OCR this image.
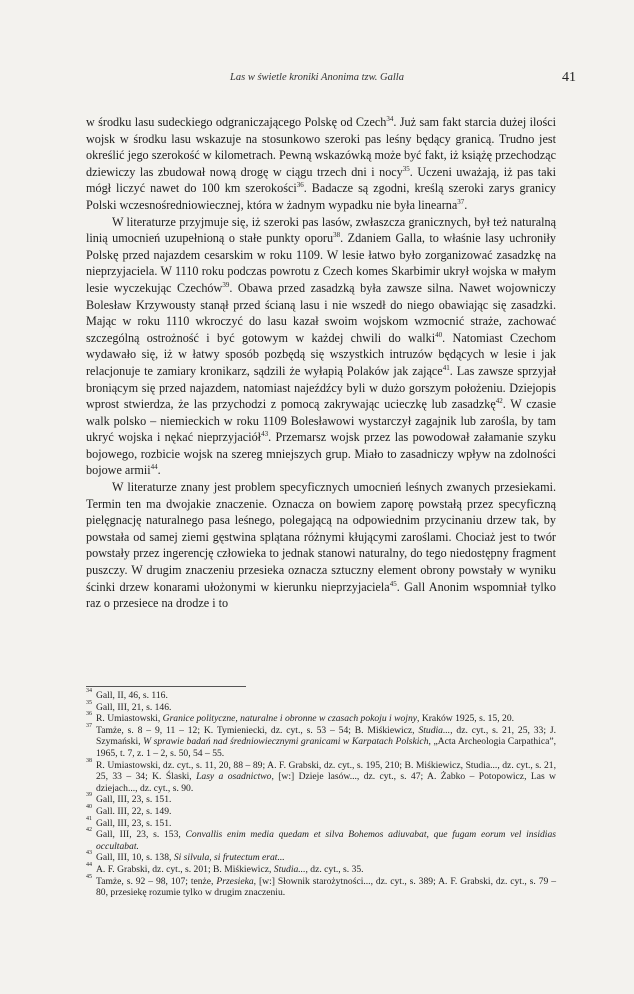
Las w świetle kroniki Anonima tzw. Galla	41

w środku lasu sudeckiego odgraniczającego Polskę od Czech$^{34}$. Już sam fakt starcia dużej ilości wojsk w środku lasu wskazuje na stosunkowo szeroki pas leśny będący granicą. Trudno jest określić jego szerokość w kilometrach. Pewną wskazówką może być fakt, iż książę przechodząc dziewiczy las zbudował nową drogę w ciągu trzech dni i nocy$^{35}$. Uczeni uważają, iż pas taki mógł liczyć nawet do 100 km szerokości$^{36}$. Badacze są zgodni, kreślą szeroki zarys granicy Polski wczesnośredniowiecznej, która w żadnym wypadku nie była linearna$^{37}$.

W literaturze przyjmuje się, iż szeroki pas lasów, zwłaszcza granicznych, był też naturalną linią umocnień uzupełnioną o stałe punkty oporu$^{38}$. Zdaniem Galla, to właśnie lasy uchroniły Polskę przed najazdem cesarskim w roku 1109. W lesie łatwo było zorganizować zasadzkę na nieprzyjaciela. W 1110 roku podczas powrotu z Czech komes Skarbimir ukrył wojska w małym lesie wyczekując Czechów$^{39}$. Obawa przed zasadzką była zawsze silna. Nawet wojowniczy Bolesław Krzywousty stanął przed ścianą lasu i nie wszedł do niego obawiając się zasadzki. Mając w roku 1110 wkroczyć do lasu kazał swoim wojskom wzmocnić straże, zachować szczególną ostrożność i być gotowym w każdej chwili do walki$^{40}$. Natomiast Czechom wydawało się, iż w łatwy sposób pozbędą się wszystkich intruzów będących w lesie i jak relacjonuje te zamiary kronikarz, sądzili że wyłapią Polaków jak zające$^{41}$. Las zawsze sprzyjał broniącym się przed najazdem, natomiast najeźdźcy byli w dużo gorszym położeniu. Dziejopis wprost stwierdza, że las przychodzi z pomocą zakrywając ucieczkę lub zasadzkę$^{42}$. W czasie walk polsko – niemieckich w roku 1109 Bolesławowi wystarczył zagajnik lub zarośla, by tam ukryć wojska i nękać nieprzyjaciół$^{43}$. Przemarsz wojsk przez las powodował załamanie szyku bojowego, rozbicie wojsk na szereg mniejszych grup. Miało to zasadniczy wpływ na zdolności bojowe armii$^{44}$.

W literaturze znany jest problem specyficznych umocnień leśnych zwanych przesiekami. Termin ten ma dwojakie znaczenie. Oznacza on bowiem zaporę powstałą przez specyficzną pielęgnację naturalnego pasa leśnego, polegającą na odpowiednim przycinaniu drzew tak, by powstała od samej ziemi gęstwina splątana różnymi kłującymi zaroślami. Chociaż jest to twór powstały przez ingerencję człowieka to jednak stanowi naturalny, do tego niedostępny fragment puszczy. W drugim znaczeniu przesieka oznacza sztuczny element obrony powstały w wyniku ścinki drzew konarami ułożonymi w kierunku nieprzyjaciela$^{45}$. Gall Anonim wspomniał tylko raz o przesiece na drodze i to

34 Gall, II, 46, s. 116.
35 Gall, III, 21, s. 146.
36 R. Umiastowski, Granice polityczne, naturalne i obronne w czasach pokoju i wojny, Kraków 1925, s. 15, 20.
37 Tamże, s. 8 – 9, 11 – 12; K. Tymieniecki, dz. cyt., s. 53 – 54; B. Miśkiewicz, Studia..., dz. cyt., s. 21, 25, 33; J. Szymański, W sprawie badań nad średniowiecznymi granicami w Karpatach Polskich, „Acta Archeologia Carpathica”, 1965, t. 7, z. 1 – 2, s. 50, 54 – 55.
38 R. Umiastowski, dz. cyt., s. 11, 20, 88 – 89; A. F. Grabski, dz. cyt., s. 195, 210; B. Miśkiewicz, Studia..., dz. cyt., s. 21, 25, 33 – 34; K. Ślaski, Lasy a osadnictwo, [w:] Dzieje lasów..., dz. cyt., s. 47; A. Żabko – Potopowicz, Las w dziejach..., dz. cyt., s. 90.
39 Gall, III, 23, s. 151.
40 Gall. III, 22, s. 149.
41 Gall, III, 23, s. 151.
42 Gall, III, 23, s. 153, Convallis enim media quedam et silva Bohemos adiuvabat, que fugam eorum vel insidias occultabat.
43 Gall, III, 10, s. 138, Si silvula, si frutectum erat...
44 A. F. Grabski, dz. cyt., s. 201; B. Miśkiewicz, Studia..., dz. cyt., s. 35.
45 Tamże, s. 92 – 98, 107; tenże, Przesieka, [w:] Słownik starożytności..., dz. cyt., s. 389; A. F. Grabski, dz. cyt., s. 79 – 80, przesiekę rozumie tylko w drugim znaczeniu.
